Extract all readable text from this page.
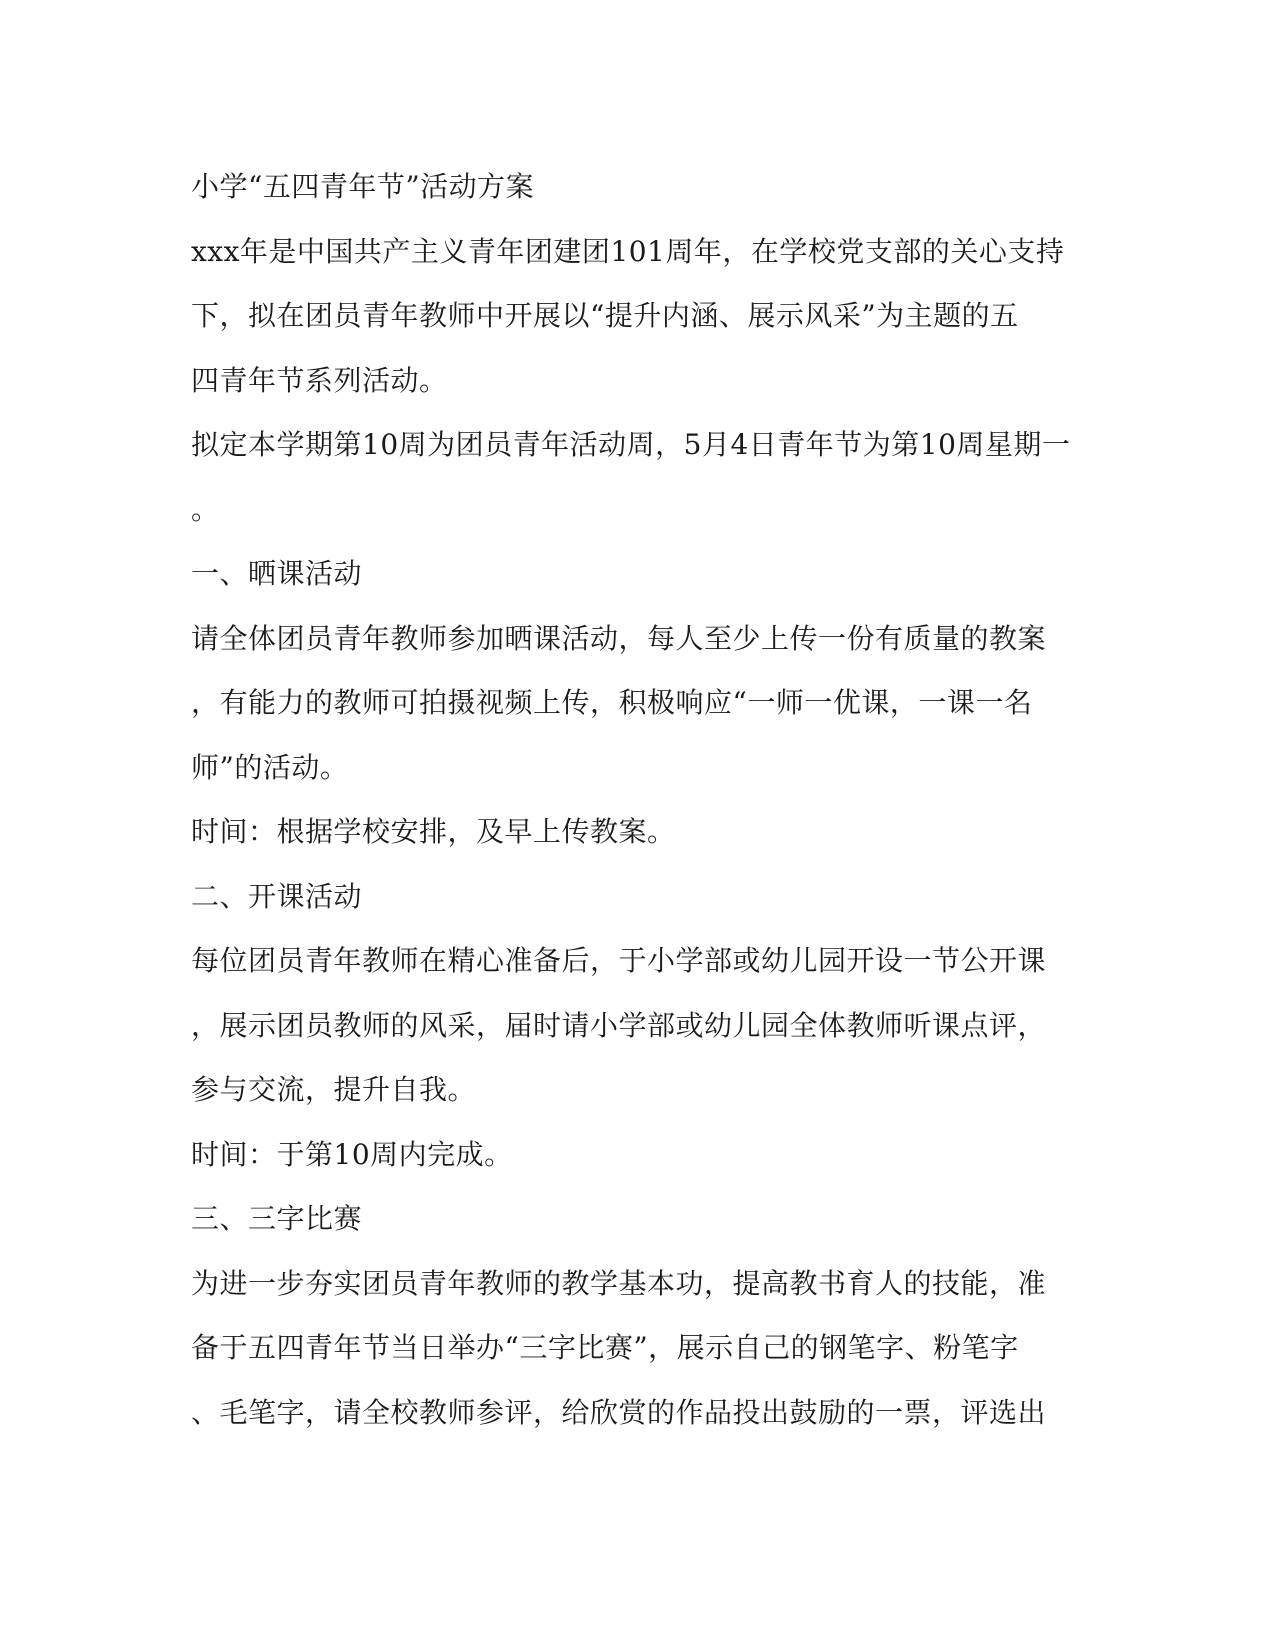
小学“五四青年节”活动方案
xxx年是中国共产主义青年团建团101周年，在学校党支部的关心支持
下，拟在团员青年教师中开展以“提升内涵、展示风采”为主题的五
四青年节系列活动。
拟定本学期第10周为团员青年活动周，5月4日青年节为第10周星期一
。
一、晒课活动
请全体团员青年教师参加晒课活动，每人至少上传一份有质量的教案
，有能力的教师可拍摄视频上传，积极响应“一师一优课，一课一名
师”的活动。
时间：根据学校安排，及早上传教案。
二、开课活动
每位团员青年教师在精心准备后，于小学部或幼儿园开设一节公开课
，展示团员教师的风采，届时请小学部或幼儿园全体教师听课点评，
参与交流，提升自我。
时间：于第10周内完成。
三、三字比赛
为进一步夯实团员青年教师的教学基本功，提高教书育人的技能，准
备于五四青年节当日举办“三字比赛”，展示自己的钢笔字、粉笔字
、毛笔字，请全校教师参评，给欣赏的作品投出鼓励的一票，评选出
